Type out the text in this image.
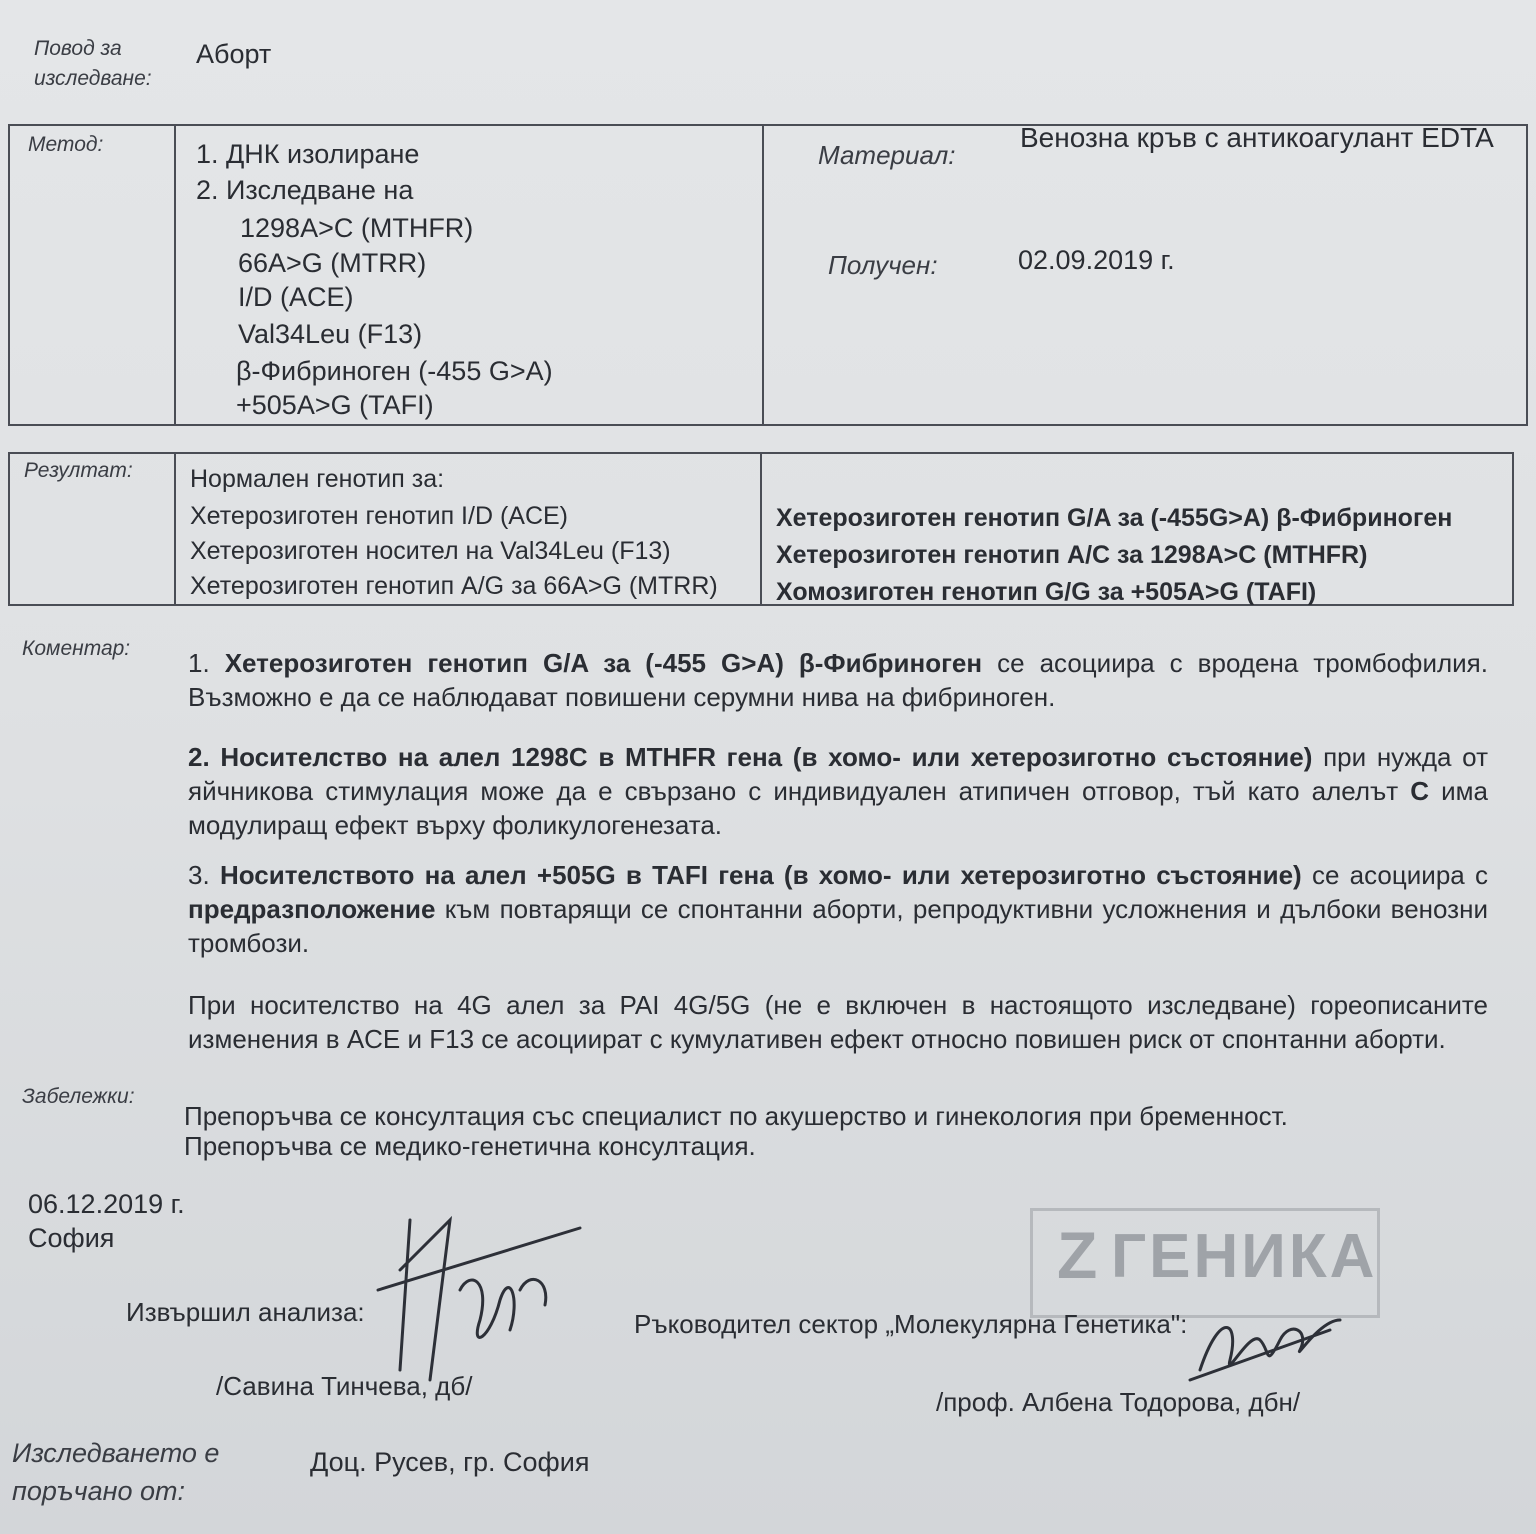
Повод за
изследване:
Аборт
Метод:	1. ДНК изолиране
2. Изследване на
1298A>C (MTHFR)
66A>G (MTRR)
I/D (ACE)
Val34Leu (F13)
β-Фибриноген (-455 G>A)
+505A>G (TAFI)
Материал:
Венозна кръв с антикоагулант EDTA
Получен:	02.09.2019 г.
Резултат: Нормален генотип за:
Хетерозиготен генотип I/D (ACE)
Хетерозиготен носител на Val34Leu (F13)
Хетерозиготен генотип A/G за 66A>G (MTRR)
Хетерозиготен генотип G/A за (-455G>A) β-Фибриноген
Хетерозиготен генотип A/C за 1298A>C (MTHFR)
Хомозиготен генотип G/G за +505A>G (TAFI)
Коментар: 1. Хетерозиготен генотип G/A за (-455 G>A) β-Фибриноген се асоциира с вродена тромбофилия. Възможно е да се наблюдават повишени серумни нива на фибриноген.
2. Носителство на алел 1298C в MTHFR гена (в хомо- или хетерозиготно състояние) при нужда от яйчникова стимулация може да е свързано с индивидуален атипичен отговор, тъй като алелът C има модулиращ ефект върху фоликулогенезата.
3. Носителството на алел +505G в TAFI гена (в хомо- или хетерозиготно състояние) се асоциира с предразположение към повтарящи се спонтанни аборти, репродуктивни усложнения и дълбоки венозни тромбози.
При носителство на 4G алел за PAI 4G/5G (не е включен в настоящото изследване) гореописаните изменения в ACE и F13 се асоциират с кумулативен ефект относно повишен риск от спонтанни аборти.
Забележки:
Препоръчва се консултация със специалист по акушерство и гинекология при бременност.
Препоръчва се медико-генетична консултация.
06.12.2019 г.
София
Извършил анализа:
/Савина Тинчева, дб/
Z ГЕНИКА
Ръководител сектор „Молекулярна Генетика":
/проф. Албена Тодорова, дбн/
Изследването е
поръчано от:
Доц. Русев, гр. София
